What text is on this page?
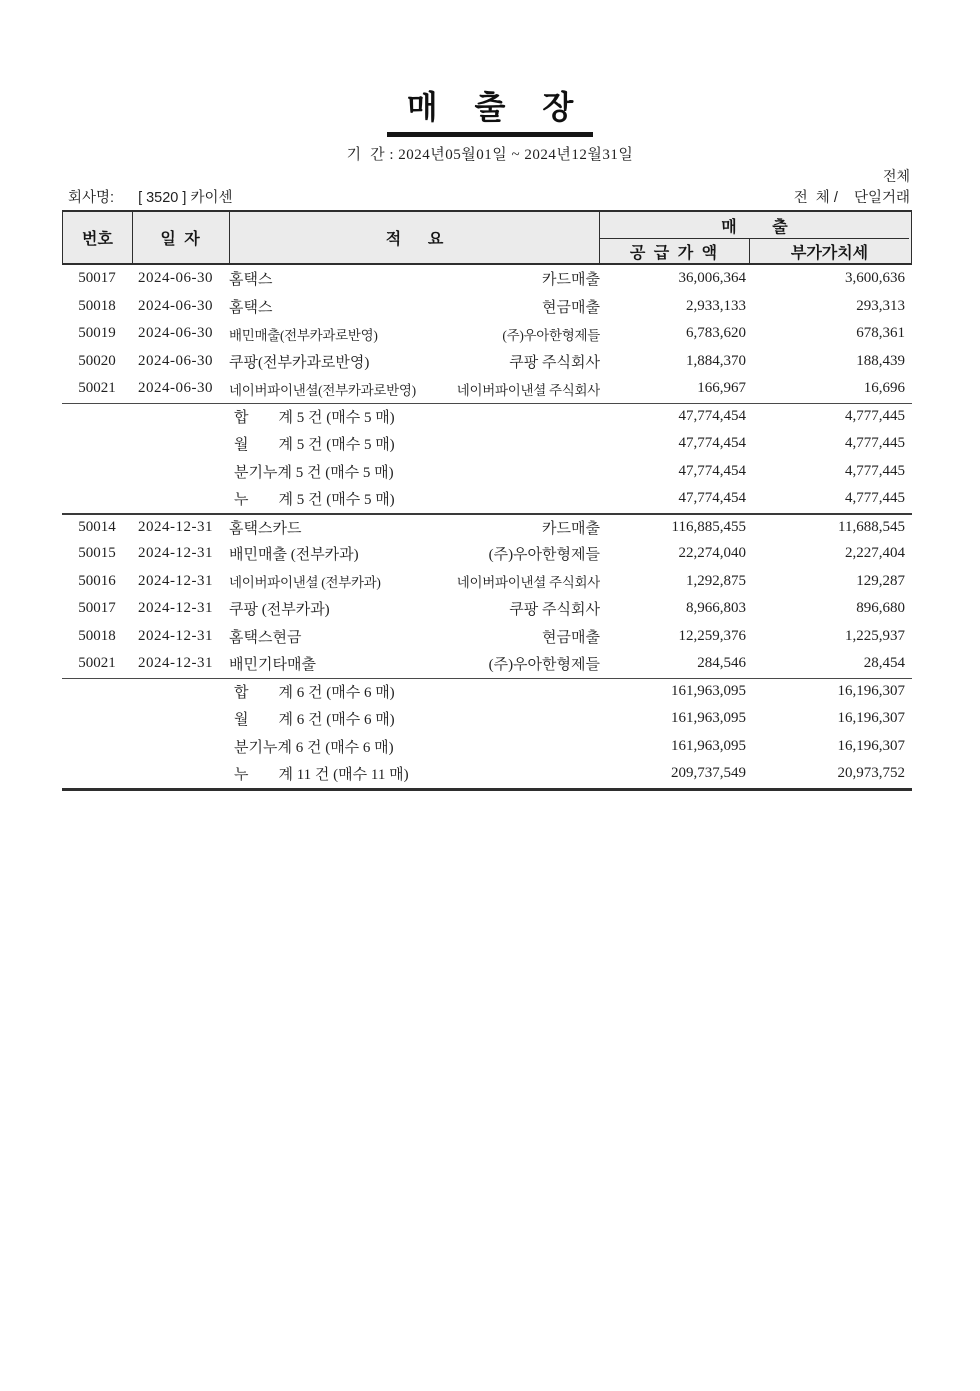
매 출 장
기  간 : 2024년05월01일 ~ 2024년12월31일
전체
회사명: [ 3520 ] 카이센	전  체 /    단일거래
번호	일 자	적      요
매        출
공 급 가 액	부가가치세
50017	2024-06-30	홈택스	카드매출	36,006,364	3,600,636
50018	2024-06-30	홈택스	현금매출	2,933,133	293,313
50019	2024-06-30	배민매출(전부카과로반영)	(주)우아한형제들	6,783,620	678,361
50020	2024-06-30	쿠팡(전부카과로반영)	쿠팡 주식회사	1,884,370	188,439
50021	2024-06-30	네이버파이낸셜(전부카과로반영)	네이버파이낸셜 주식회사	166,967	16,696
합　　계 5 건 (매수 5 매)	47,774,454	4,777,445
월　　계 5 건 (매수 5 매)	47,774,454	4,777,445
분기누계 5 건 (매수 5 매)	47,774,454	4,777,445
누　　계 5 건 (매수 5 매)	47,774,454	4,777,445
50014	2024-12-31	홈택스카드	카드매출	116,885,455	11,688,545
50015	2024-12-31	배민매출 (전부카과)	(주)우아한형제들	22,274,040	2,227,404
50016	2024-12-31	네이버파이낸셜 (전부카과)	네이버파이낸셜 주식회사	1,292,875	129,287
50017	2024-12-31	쿠팡 (전부카과)	쿠팡 주식회사	8,966,803	896,680
50018	2024-12-31	홈택스현금	현금매출	12,259,376	1,225,937
50021	2024-12-31	배민기타매출	(주)우아한형제들	284,546	28,454
합　　계 6 건 (매수 6 매)	161,963,095	16,196,307
월　　계 6 건 (매수 6 매)	161,963,095	16,196,307
분기누계 6 건 (매수 6 매)	161,963,095	16,196,307
누　　계 11 건 (매수 11 매)	209,737,549	20,973,752
